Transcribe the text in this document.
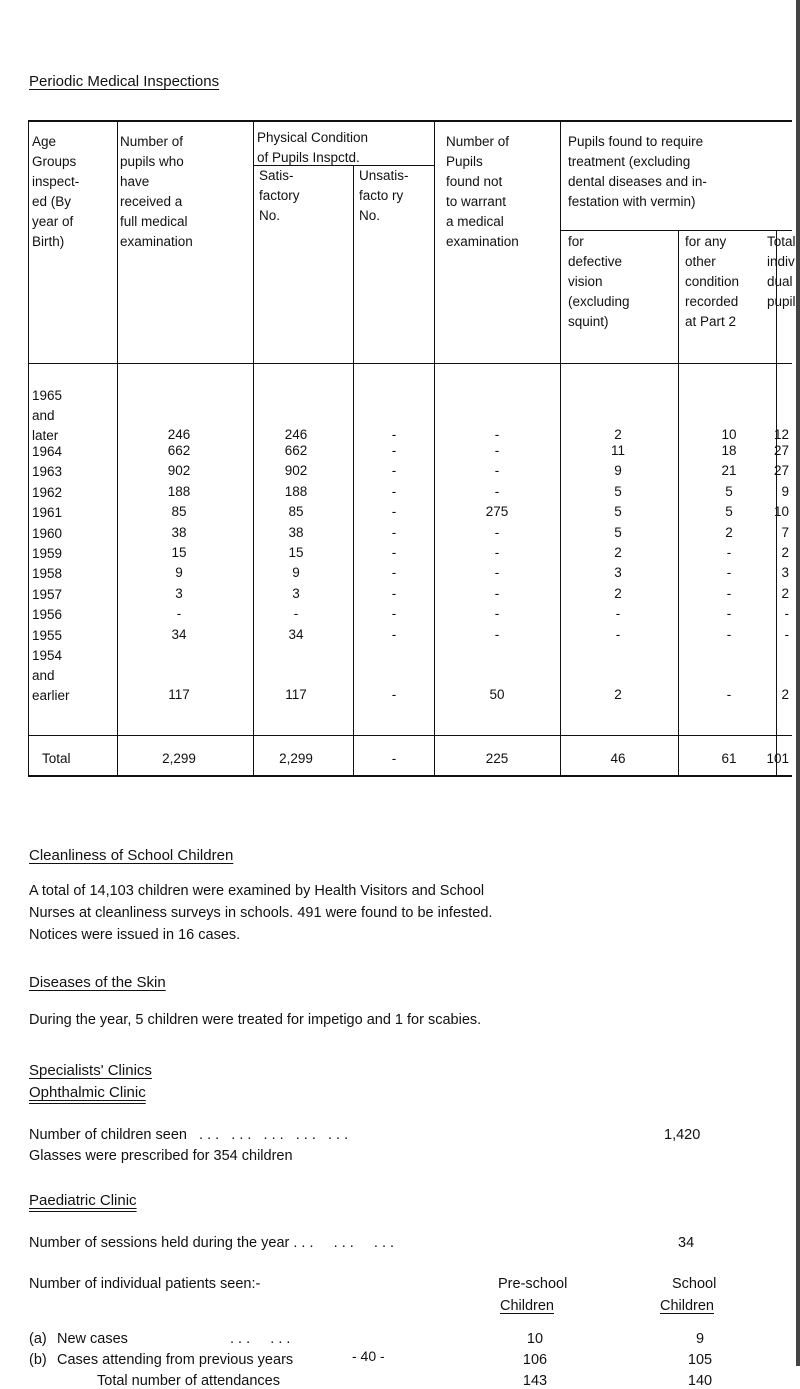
Periodic Medical Inspections
Age
Groups
inspect-
ed (By
year of
Birth)
Number of
pupils who
have
received a
full medical
examination
Physical Condition
of Pupils Inspctd.
Satis-
factory
No.
Unsatis-
facto ry
No.
Number of
Pupils
found not
to warrant
a medical
examination
Pupils found to require
treatment (excluding
dental diseases and in-
festation with vermin)
for
defective
vision
(excluding
squint)
for any
other
condition
recorded
at Part 2
Total
indiv
dual
pupil
1965
and
later	246	246	-	-	2	10	12
1964	662	662	-	-	11	18	27
1963	902	902	-	-	9	21	27
1962	188	188	-	-	5	5	9
1961	85	85	-	275	5	5	10
1960	38	38	-	-	5	2	7
1959	15	15	-	-	2	-	2
1958	9	9	-	-	3	-	3
1957	3	3	-	-	2	-	2
1956	-	-	-	-	-	-	-
1955	34	34	-	-	-	-	-
1954
and
earlier	117	117	-	50	2	-	2
Total	2,299	2,299	-	225	46	61	101
Cleanliness of School Children
A total of 14,103 children were examined by Health Visitors and School
Nurses at cleanliness surveys in schools. 491 were found to be infested.
Notices were issued in 16 cases.
Diseases of the Skin
During the year, 5 children were treated for impetigo and 1 for scabies.
Specialists' Clinics
Ophthalmic Clinic
Number of children seen   . . .   . . .   . . .   . . .   . . .	1,420
Glasses were prescribed for 354 children
Paediatric Clinic
Number of sessions held during the year . . .     . . .     . . .	34
Number of individual patients seen:-	Pre-school
Children
School
Children
(a) New cases	. . .     . . .	10	9
(b) Cases attending from previous years	106	105
Total number of attendances	143	140
- 40 -
